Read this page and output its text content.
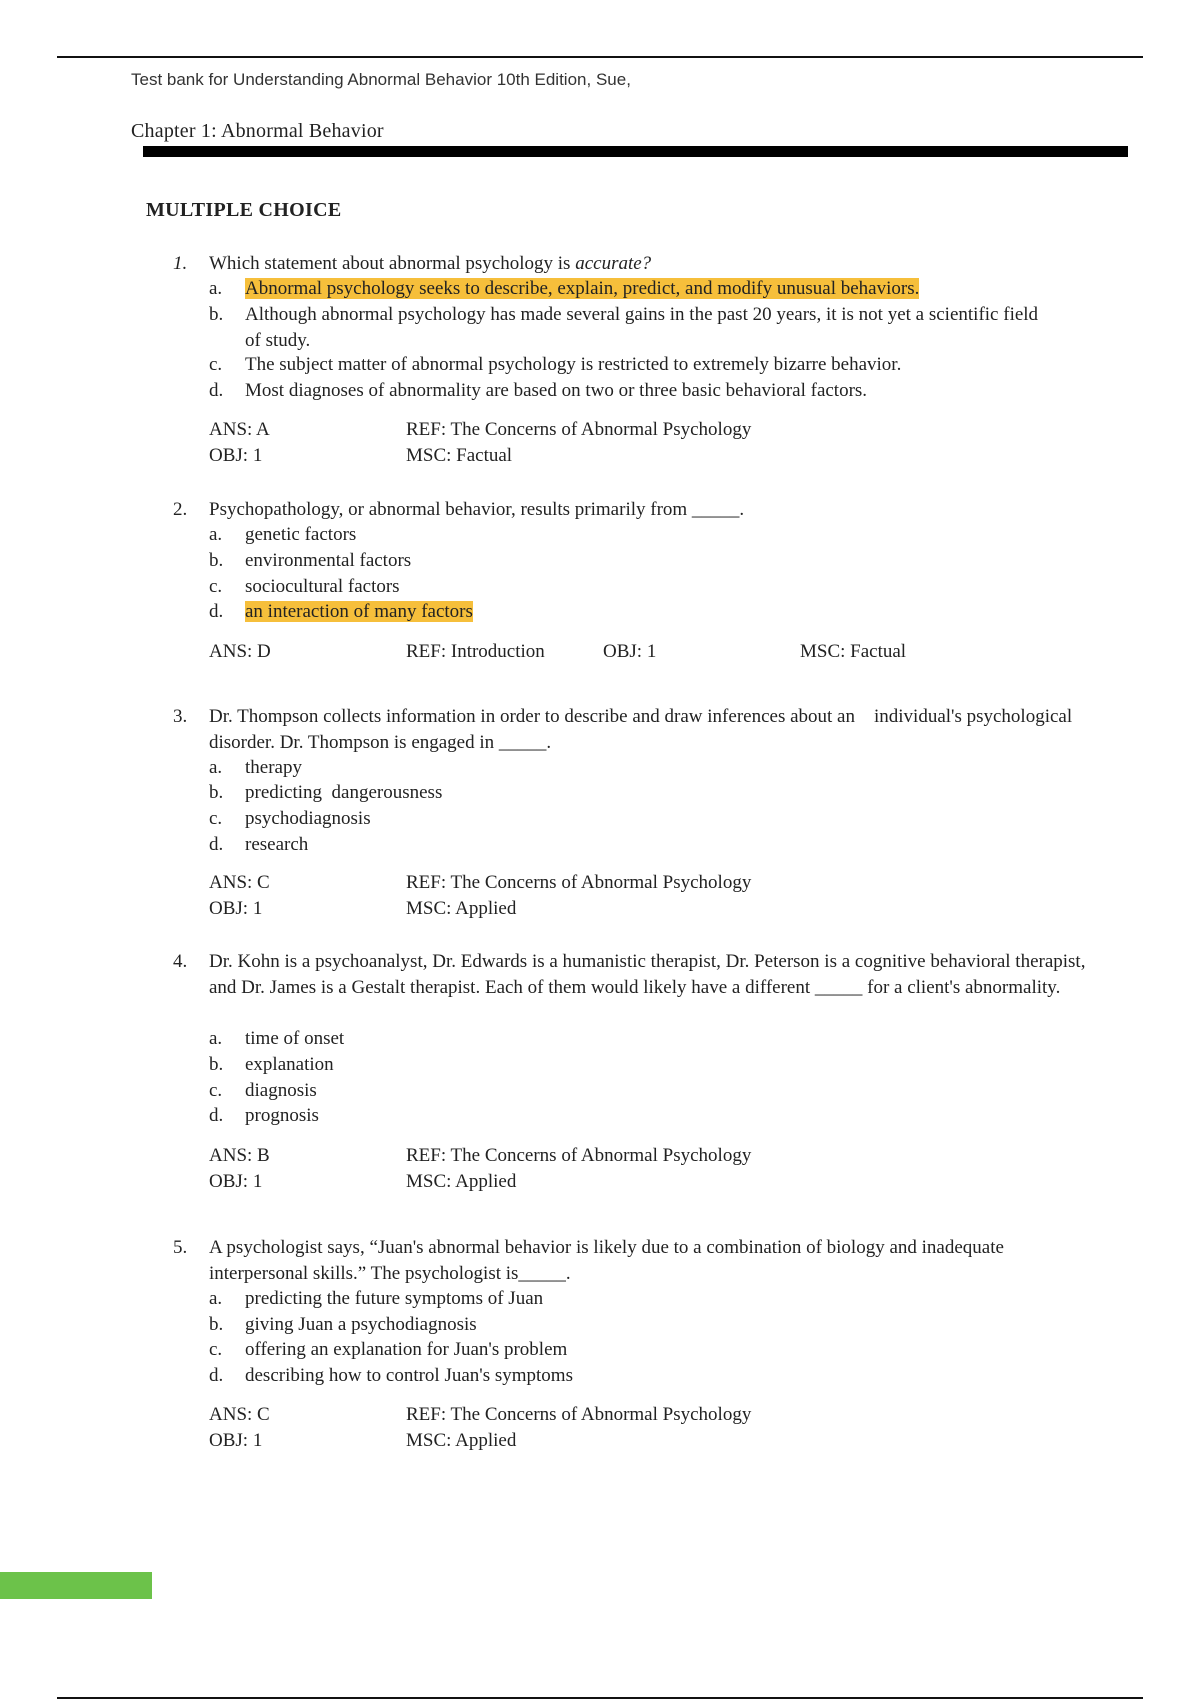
Test bank for Understanding Abnormal Behavior 10th Edition, Sue,
Chapter 1: Abnormal Behavior
MULTIPLE CHOICE
1.	Which statement about abnormal psychology is accurate?
a. Abnormal psychology seeks to describe, explain, predict, and modify unusual behaviors.
b. Although abnormal psychology has made several gains in the past 20 years, it is not yet a scientific field of study.
c. The subject matter of abnormal psychology is restricted to extremely bizarre behavior.
d. Most diagnoses of abnormality are based on two or three basic behavioral factors.
ANS: A	REF: The Concerns of Abnormal Psychology
OBJ: 1	MSC: Factual
2.	Psychopathology, or abnormal behavior, results primarily from _____.
a. genetic factors
b. environmental factors
c. sociocultural factors
d. an interaction of many factors
ANS: D	REF: Introduction	OBJ: 1	MSC: Factual
3.	Dr. Thompson collects information in order to describe and draw inferences about an    individual's psychological disorder. Dr. Thompson is engaged in _____.
a. therapy
b. predicting  dangerousness
c. psychodiagnosis
d. research
ANS: C	REF: The Concerns of Abnormal Psychology
OBJ: 1	MSC: Applied
4.	Dr. Kohn is a psychoanalyst, Dr. Edwards is a humanistic therapist, Dr. Peterson is a cognitive behavioral therapist, and Dr. James is a Gestalt therapist. Each of them would likely have a different _____ for a client's abnormality.
a. time of onset
b. explanation
c. diagnosis
d. prognosis
ANS: B	REF: The Concerns of Abnormal Psychology
OBJ: 1	MSC: Applied
5.	A psychologist says, “Juan's abnormal behavior is likely due to a combination of biology and inadequate interpersonal skills.” The psychologist is_____.
a. predicting the future symptoms of Juan
b. giving Juan a psychodiagnosis
c. offering an explanation for Juan's problem
d. describing how to control Juan's symptoms
ANS: C	REF: The Concerns of Abnormal Psychology
OBJ: 1	MSC: Applied
